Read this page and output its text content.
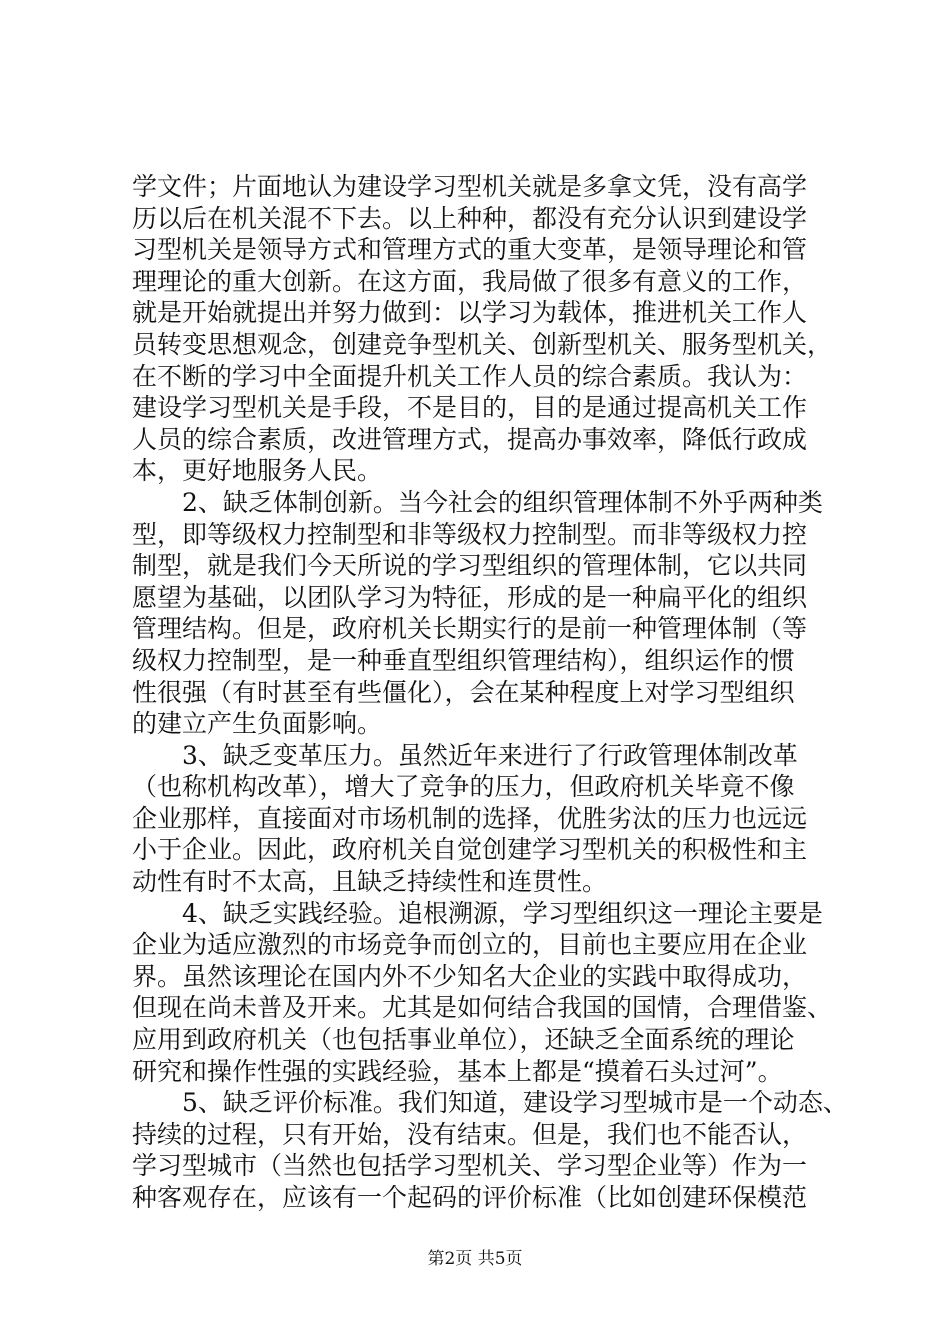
学文件；片面地认为建设学习型机关就是多拿文凭，没有高学
历以后在机关混不下去。以上种种，都没有充分认识到建设学
习型机关是领导方式和管理方式的重大变革，是领导理论和管
理理论的重大创新。在这方面，我局做了很多有意义的工作，
就是开始就提出并努力做到：以学习为载体，推进机关工作人
员转变思想观念，创建竞争型机关、创新型机关、服务型机关，
在不断的学习中全面提升机关工作人员的综合素质。我认为：
建设学习型机关是手段，不是目的，目的是通过提高机关工作
人员的综合素质，改进管理方式，提高办事效率，降低行政成
本，更好地服务人民。
　　2、缺乏体制创新。当今社会的组织管理体制不外乎两种类
型，即等级权力控制型和非等级权力控制型。而非等级权力控
制型，就是我们今天所说的学习型组织的管理体制，它以共同
愿望为基础，以团队学习为特征，形成的是一种扁平化的组织
管理结构。但是，政府机关长期实行的是前一种管理体制（等
级权力控制型，是一种垂直型组织管理结构），组织运作的惯
性很强（有时甚至有些僵化），会在某种程度上对学习型组织
的建立产生负面影响。
　　3、缺乏变革压力。虽然近年来进行了行政管理体制改革
（也称机构改革），增大了竞争的压力，但政府机关毕竟不像
企业那样，直接面对市场机制的选择，优胜劣汰的压力也远远
小于企业。因此，政府机关自觉创建学习型机关的积极性和主
动性有时不太高，且缺乏持续性和连贯性。
　　4、缺乏实践经验。追根溯源，学习型组织这一理论主要是
企业为适应激烈的市场竞争而创立的，目前也主要应用在企业
界。虽然该理论在国内外不少知名大企业的实践中取得成功，
但现在尚未普及开来。尤其是如何结合我国的国情，合理借鉴、
应用到政府机关（也包括事业单位），还缺乏全面系统的理论
研究和操作性强的实践经验，基本上都是“摸着石头过河”。
　　5、缺乏评价标准。我们知道，建设学习型城市是一个动态、
持续的过程，只有开始，没有结束。但是，我们也不能否认，
学习型城市（当然也包括学习型机关、学习型企业等）作为一
种客观存在，应该有一个起码的评价标准（比如创建环保模范
第2页 共5页
